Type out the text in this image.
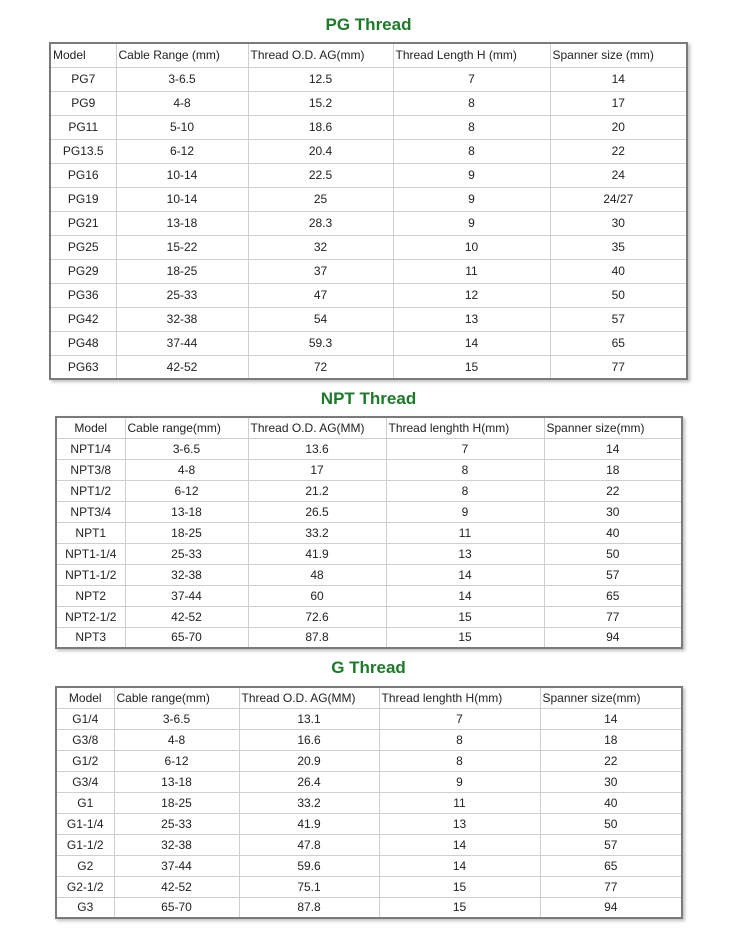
PG Thread
Model	Cable Range (mm)	Thread O.D. AG(mm)	Thread Length H (mm)	Spanner size (mm)
PG7	3-6.5	12.5	7	14
PG9	4-8	15.2	8	17
PG11	5-10	18.6	8	20
PG13.5	6-12	20.4	8	22
PG16	10-14	22.5	9	24
PG19	10-14	25	9	24/27
PG21	13-18	28.3	9	30
PG25	15-22	32	10	35
PG29	18-25	37	11	40
PG36	25-33	47	12	50
PG42	32-38	54	13	57
PG48	37-44	59.3	14	65
PG63	42-52	72	15	77
NPT Thread
Model	Cable range(mm)	Thread O.D. AG(MM)	Thread lenghth H(mm)	Spanner size(mm)
NPT1/4	3-6.5	13.6	7	14
NPT3/8	4-8	17	8	18
NPT1/2	6-12	21.2	8	22
NPT3/4	13-18	26.5	9	30
NPT1	18-25	33.2	11	40
NPT1-1/4	25-33	41.9	13	50
NPT1-1/2	32-38	48	14	57
NPT2	37-44	60	14	65
NPT2-1/2	42-52	72.6	15	77
NPT3	65-70	87.8	15	94
G Thread
Model	Cable range(mm)	Thread O.D. AG(MM)	Thread lenghth H(mm)	Spanner size(mm)
G1/4	3-6.5	13.1	7	14
G3/8	4-8	16.6	8	18
G1/2	6-12	20.9	8	22
G3/4	13-18	26.4	9	30
G1	18-25	33.2	11	40
G1-1/4	25-33	41.9	13	50
G1-1/2	32-38	47.8	14	57
G2	37-44	59.6	14	65
G2-1/2	42-52	75.1	15	77
G3	65-70	87.8	15	94
